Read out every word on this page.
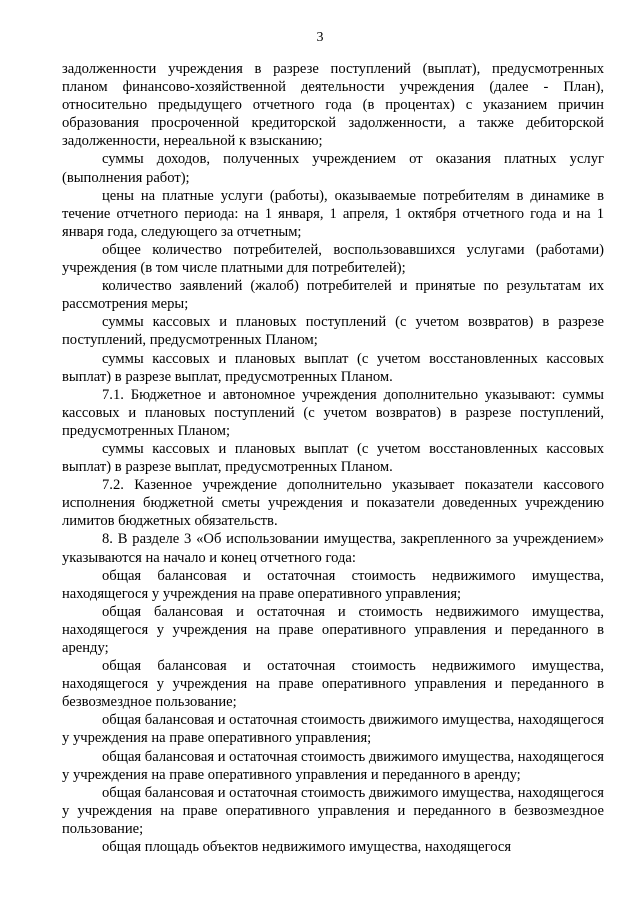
3

задолженности учреждения в разрезе поступлений (выплат), предусмотренных планом финансово-хозяйственной деятельности учреждения (далее - План), относительно предыдущего отчетного года (в процентах) с указанием причин образования просроченной кредиторской задолженности, а также дебиторской задолженности, нереальной к взысканию;

суммы доходов, полученных учреждением от оказания платных услуг (выполнения работ);

цены на платные услуги (работы), оказываемые потребителям в динамике в течение отчетного периода: на 1 января, 1 апреля, 1 октября отчетного года и на 1 января года, следующего за отчетным;

общее количество потребителей, воспользовавшихся услугами (работами) учреждения (в том числе платными для потребителей);

количество заявлений (жалоб) потребителей и принятые по результатам их рассмотрения меры;

суммы кассовых и плановых поступлений (с учетом возвратов) в разрезе поступлений, предусмотренных Планом;

суммы кассовых и плановых выплат (с учетом восстановленных кассовых выплат) в разрезе выплат, предусмотренных Планом.

7.1. Бюджетное и автономное учреждения дополнительно указывают: суммы кассовых и плановых поступлений (с учетом возвратов) в разрезе поступлений, предусмотренных Планом;

суммы кассовых и плановых выплат (с учетом восстановленных кассовых выплат) в разрезе выплат, предусмотренных Планом.

7.2. Казенное учреждение дополнительно указывает показатели кассового исполнения бюджетной сметы учреждения и показатели доведенных учреждению лимитов бюджетных обязательств.

8. В разделе 3 «Об использовании имущества, закрепленного за учреждением» указываются на начало и конец отчетного года:

общая балансовая и остаточная стоимость недвижимого имущества, находящегося у учреждения на праве оперативного управления;

общая балансовая и остаточная и стоимость недвижимого имущества, находящегося у учреждения на праве оперативного управления и переданного в аренду;

общая балансовая и остаточная стоимость недвижимого имущества, находящегося у учреждения на праве оперативного управления и переданного в безвозмездное пользование;

общая балансовая и остаточная стоимость движимого имущества, находящегося у учреждения на праве оперативного управления;

общая балансовая и остаточная стоимость движимого имущества, находящегося у учреждения на праве оперативного управления и переданного в аренду;

общая балансовая и остаточная стоимость движимого имущества, находящегося у учреждения на праве оперативного управления и переданного в безвозмездное пользование;

общая площадь объектов недвижимого имущества, находящегося
